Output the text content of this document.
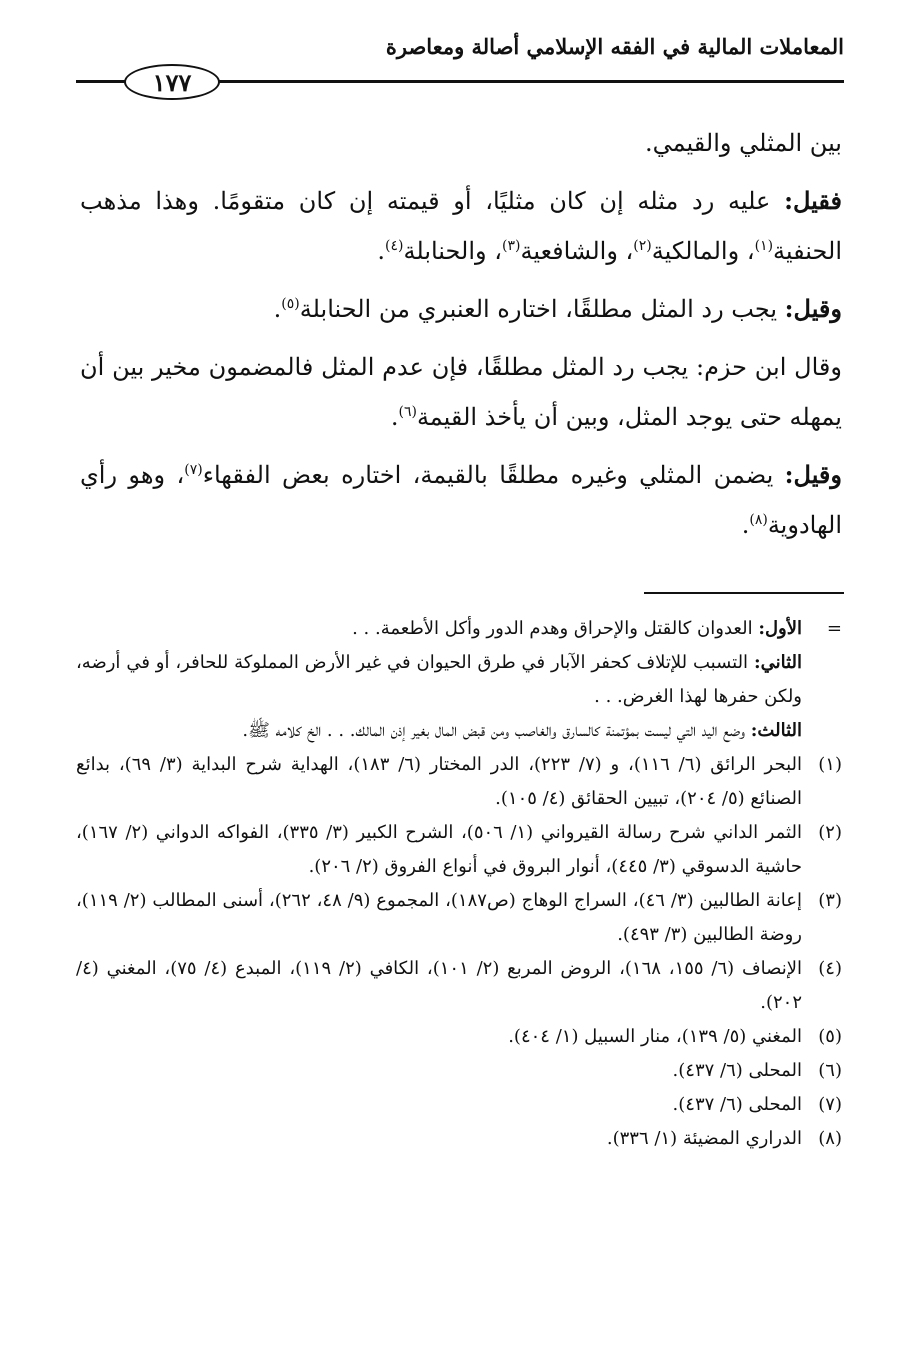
المعاملات المالية في الفقه الإسلامي أصالة ومعاصرة
١٧٧

بين المثلي والقيمي.

فقيل: عليه رد مثله إن كان مثليًا، أو قيمته إن كان متقومًا. وهذا مذهب الحنفية$^{(١)}$، والمالكية$^{(٢)}$، والشافعية$^{(٣)}$، والحنابلة$^{(٤)}$.

وقيل: يجب رد المثل مطلقًا، اختاره العنبري من الحنابلة$^{(٥)}$.

وقال ابن حزم: يجب رد المثل مطلقًا، فإن عدم المثل فالمضمون مخير بين أن يمهله حتى يوجد المثل، وبين أن يأخذ القيمة$^{(٦)}$.

وقيل: يضمن المثلي وغيره مطلقًا بالقيمة، اختاره بعض الفقهاء$^{(٧)}$، وهو رأي الهادوية$^{(٨)}$.

=
الأول: العدوان كالقتل والإحراق وهدم الدور وأكل الأطعمة. . .

الثاني: التسبب للإتلاف كحفر الآبار في طرق الحيوان في غير الأرض المملوكة للحافر، أو في أرضه، ولكن حفرها لهذا الغرض. . .

الثالث: وضع اليد التي ليست بمؤتمنة كالسارق والغاصب ومن قبض المال بغير إذن المالك. . . الخ كلامه ﷺ.

(١)
البحر الرائق (٦/ ١١٦)، و (٧/ ٢٢٣)، الدر المختار (٦/ ١٨٣)، الهداية شرح البداية (٣/ ٦٩)، بدائع الصنائع (٥/ ٢٠٤)، تبيين الحقائق (٤/ ١٠٥).
(٢)
الثمر الداني شرح رسالة القيرواني (١/ ٥٠٦)، الشرح الكبير (٣/ ٣٣٥)، الفواكه الدواني (٢/ ١٦٧)، حاشية الدسوقي (٣/ ٤٤٥)، أنوار البروق في أنواع الفروق (٢/ ٢٠٦).
(٣)
إعانة الطالبين (٣/ ٤٦)، السراج الوهاج (ص١٨٧)، المجموع (٩/ ٤٨، ٢٦٢)، أسنى المطالب (٢/ ١١٩)، روضة الطالبين (٣/ ٤٩٣).
(٤)
الإنصاف (٦/ ١٥٥، ١٦٨)، الروض المربع (٢/ ١٠١)، الكافي (٢/ ١١٩)، المبدع (٤/ ٧٥)، المغني (٤/ ٢٠٢).
(٥)
المغني (٥/ ١٣٩)، منار السبيل (١/ ٤٠٤).
(٦)
المحلى (٦/ ٤٣٧).
(٧)
المحلى (٦/ ٤٣٧).
(٨)
الدراري المضيئة (١/ ٣٣٦).
